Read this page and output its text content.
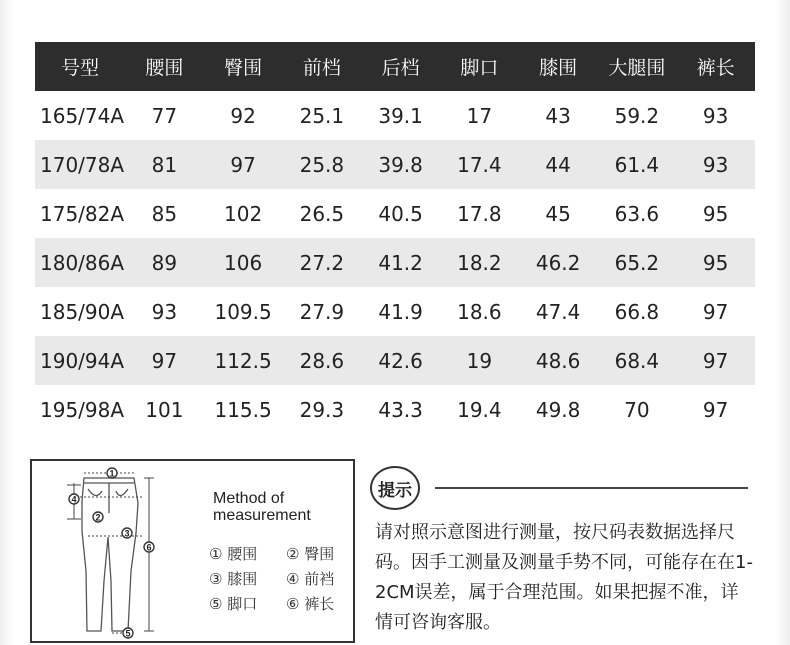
号型	腰围	臀围	前档	后档	脚口	膝围	大腿围	裤长
165/74A	77	92	25.1	39.1	17	43	59.2	93
170/78A	81	97	25.8	39.8	17.4	44	61.4	93
175/82A	85	102	26.5	40.5	17.8	45	63.6	95
180/86A	89	106	27.2	41.2	18.2	46.2	65.2	95
185/90A	93	109.5	27.9	41.9	18.6	47.4	66.8	97
190/94A	97	112.5	28.6	42.6	19	48.6	68.4	97
195/98A	101	115.5	29.3	43.3	19.4	49.8	70	97
1
2
3
4
5
6
Method of
measurement
① 腰围	② 臀围
③ 膝围	④ 前裆
⑤ 脚口	⑥ 裤长
提示
请对照示意图进行测量，按尺码表数据选择尺码。因手工测量及测量手势不同，可能存在在1-2CM误差，属于合理范围。如果把握不准，详情可咨询客服。
